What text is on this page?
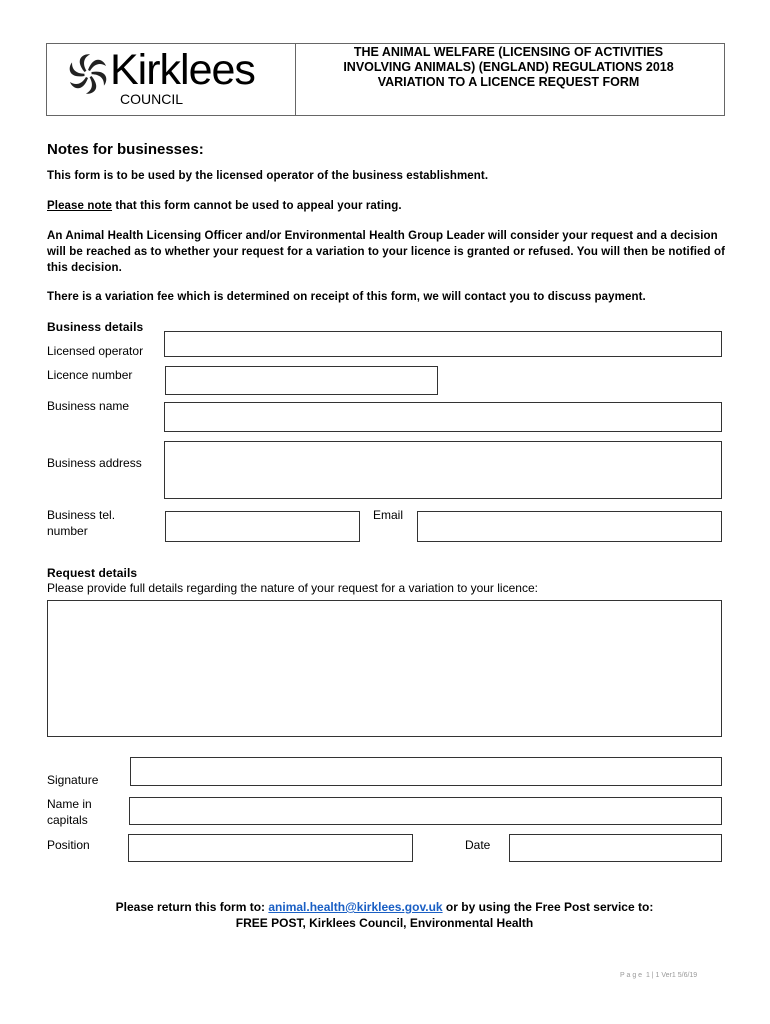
Kirklees
COUNCIL
THE ANIMAL WELFARE (LICENSING OF ACTIVITIES
INVOLVING ANIMALS) (ENGLAND) REGULATIONS 2018
VARIATION TO A LICENCE REQUEST FORM
Notes for businesses:
This form is to be used by the licensed operator of the business establishment.
Please note that this form cannot be used to appeal your rating.
An Animal Health Licensing Officer and/or Environmental Health Group Leader will consider your request and a decision will be reached as to whether your request for a variation to your licence is granted or refused. You will then be notified of this decision.
There is a variation fee which is determined on receipt of this form, we will contact you to discuss payment.
Business details
Licensed operator
Licence number
Business name
Business address
Business tel.
number
Email
Request details
Please provide full details regarding the nature of your request for a variation to your licence:
Signature
Name in
capitals
Position	Date
Please return this form to: animal.health@kirklees.gov.uk or by using the Free Post service to:
FREE POST, Kirklees Council, Environmental Health
P a g e  1 | 1 Ver1 5/6/19
